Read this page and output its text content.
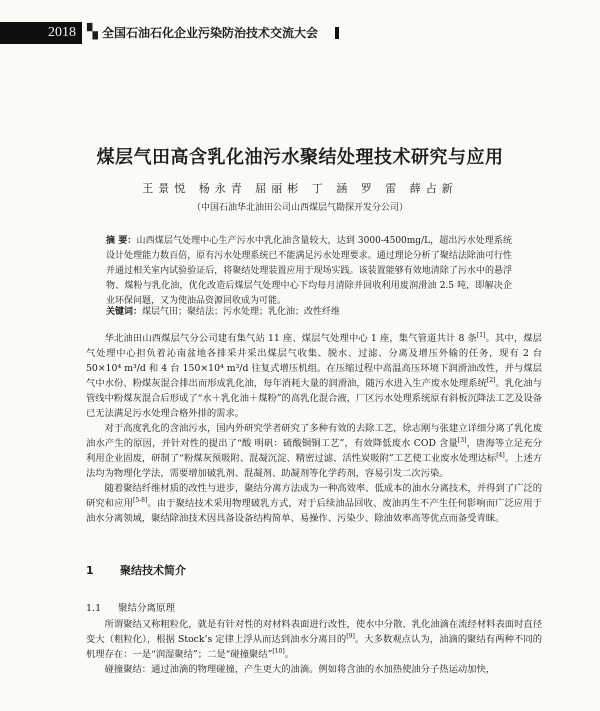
2018 ▚ 全国石油石化企业污染防治技术交流大会
煤层气田高含乳化油污水聚结处理技术研究与应用
王景悦 杨永青 屈丽彬 丁 涵 罗 雷 薛占新
（中国石油华北油田公司山西煤层气勘探开发分公司）
摘 要：山西煤层气处理中心生产污水中乳化油含量较大，达到 3000-4500mg/L，超出污水处理系统设计处理能力数百倍，原有污水处理系统已不能满足污水处理要求。通过理论分析了聚结法除油可行性并通过相关室内试验验证后，将聚结处理装置应用于现场实践。该装置能够有效地清除了污水中的悬浮物、煤粉与乳化油，优化改造后煤层气处理中心下均每月清除并回收利用废润滑油 2.5 吨，即解决企业环保问题，又为使油品资源回收成为可能。
关键词：煤层气田；聚结法；污水处理；乳化油；改性纤维

华北油田山西煤层气分公司建有集气站 11 座、煤层气处理中心 1 座，集气管道共计 8 条[1]。其中，煤层气处理中心担负着沁南盆地各排采井采出煤层气收集、脱水、过滤、分离及增压外输的任务，现有 2 台 50×10⁴ m³/d 和 4 台 150×10⁴ m³/d 往复式增压机组。在压缩过程中高温高压环境下润滑油改性，并与煤层气中水份、粉煤灰混合排出而形成乳化油，每年消耗大量的润滑油，随污水进入生产废水处理系统[2]。乳化油与管线中粉煤灰混合后形成了“水＋乳化油＋煤粉”的高乳化混合液，厂区污水处理系统原有斜板沉降法工艺及设备已无法满足污水处理合格外排的需求。

对于高度乳化的含油污水，国内外研究学者研究了多种有效的去除工艺，徐志刚与张建立详细分离了乳化废油水产生的原因，并针对性的提出了“酸 明矾：硫酸铜铜工艺”，有效降低废水 COD 含量[3]，唐海等立足充分利用企业固废，研制了“粉煤灰预吸附、混凝沉淀、精密过滤、活性炭吸附”工艺使工业废水处理达标[4]。上述方法均为物理化学法，需要增加破乳剂、混凝剂、助凝剂等化学药剂，容易引发二次污染。

随着聚结纤维材质的改性与进步，聚结分离方法成为一种高效率、低成本的油水分离技术，并得到了广泛的研究和应用[5-8]。由于聚结技术采用物理破乳方式，对于后续油品回收、废油再生不产生任何影响而广泛应用于油水分离领域，聚结除油技术因具备设备结构简单、易操作、污染少、除油效率高等优点而备受青睐。

1 聚结技术简介
1.1 聚结分离原理

所谓聚结又称粗粒化，就是有针对性的对材料表面进行改性，使水中分散、乳化油滴在流经材料表面时直径变大（粗粒化），根据 Stock’s 定律上浮从而达到油水分离目的[9]。大多数观点认为，油滴的聚结有两种不同的机理存在：一是“润湿聚结”；二是“碰撞聚结”[10]。

碰撞聚结：通过油滴的物理碰撞，产生更大的油滴。例如将含油的水加热使油分子热运动加快，
